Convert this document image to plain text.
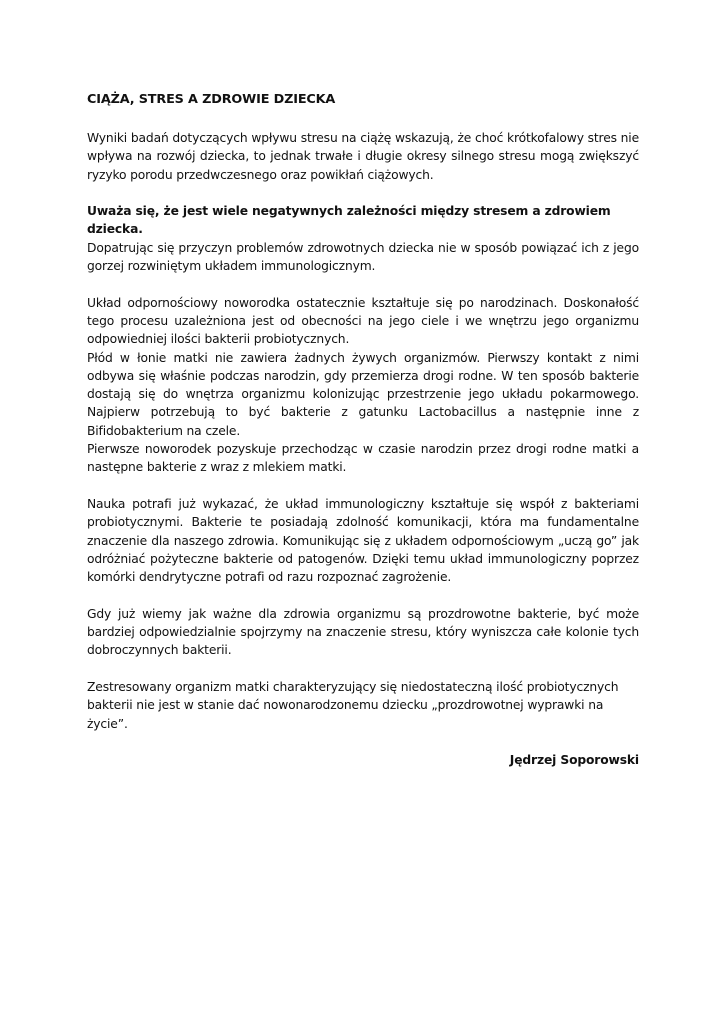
CIĄŻA, STRES A ZDROWIE DZIECKA

Wyniki badań dotyczących wpływu stresu na ciążę wskazują, że choć krótkofalowy stres nie wpływa na rozwój dziecka, to jednak trwałe i długie okresy silnego stresu mogą zwiększyć ryzyko porodu przedwczesnego oraz powikłań ciążowych.

Uważa się, że jest wiele negatywnych zależności między stresem a zdrowiem dziecka.

Dopatrując się przyczyn problemów zdrowotnych dziecka nie w sposób powiązać ich z jego gorzej rozwiniętym układem immunologicznym.

Układ odpornościowy noworodka ostatecznie kształtuje się po narodzinach. Doskonałość tego procesu uzależniona jest od obecności na jego ciele i we wnętrzu jego organizmu odpowiedniej ilości bakterii probiotycznych.

Płód w łonie matki nie zawiera żadnych żywych organizmów. Pierwszy kontakt z nimi odbywa się właśnie podczas narodzin, gdy przemierza drogi rodne. W ten sposób bakterie dostają się do wnętrza organizmu kolonizując przestrzenie jego układu pokarmowego. Najpierw potrzebują to być bakterie z gatunku Lactobacillus a następnie inne z Bifidobakterium na czele.

Pierwsze noworodek pozyskuje przechodząc w czasie narodzin przez drogi rodne matki a następne bakterie z wraz z mlekiem matki.

Nauka potrafi już wykazać, że układ immunologiczny kształtuje się współ z bakteriami probiotycznymi. Bakterie te posiadają zdolność komunikacji, która ma fundamentalne znaczenie dla naszego zdrowia. Komunikując się z układem odpornościowym „uczą go” jak odróżniać pożyteczne bakterie od patogenów. Dzięki temu układ immunologiczny poprzez komórki dendrytyczne potrafi od razu rozpoznać zagrożenie.

Gdy już wiemy jak ważne dla zdrowia organizmu są prozdrowotne bakterie, być może bardziej odpowiedzialnie spojrzymy na znaczenie stresu, który wyniszcza całe kolonie tych dobroczynnych bakterii.

Zestresowany organizm matki charakteryzujący się niedostateczną ilość probiotycznych bakterii nie jest w stanie dać nowonarodzonemu dziecku „prozdrowotnej wyprawki na życie”.

Jędrzej Soporowski
